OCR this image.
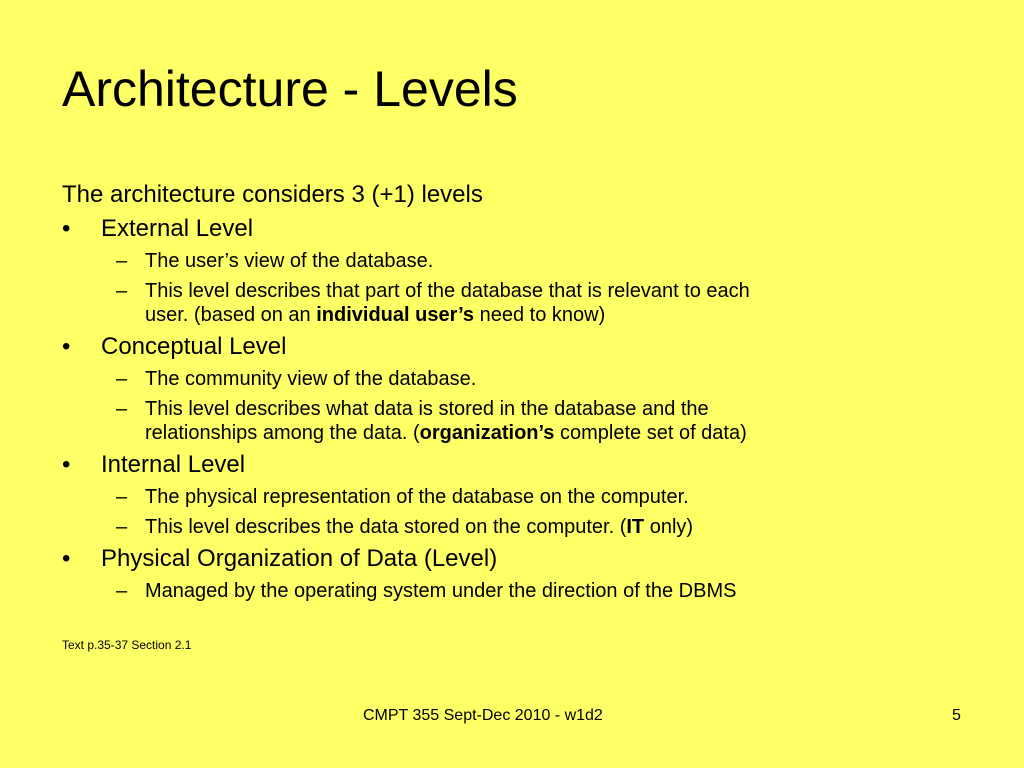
Architecture - Levels
The architecture considers 3 (+1) levels
• External Level
– The user’s view of the database.
– This level describes that part of the database that is relevant to each
user. (based on an individual user’s need to know)
• Conceptual Level
– The community view of the database.
– This level describes what data is stored in the database and the
relationships among the data. (organization’s complete set of data)
• Internal Level
– The physical representation of the database on the computer.
– This level describes the data stored on the computer. (IT only)
• Physical Organization of Data (Level)
– Managed by the operating system under the direction of the DBMS
Text p.35-37 Section 2.1
CMPT 355 Sept-Dec 2010 - w1d2	5
